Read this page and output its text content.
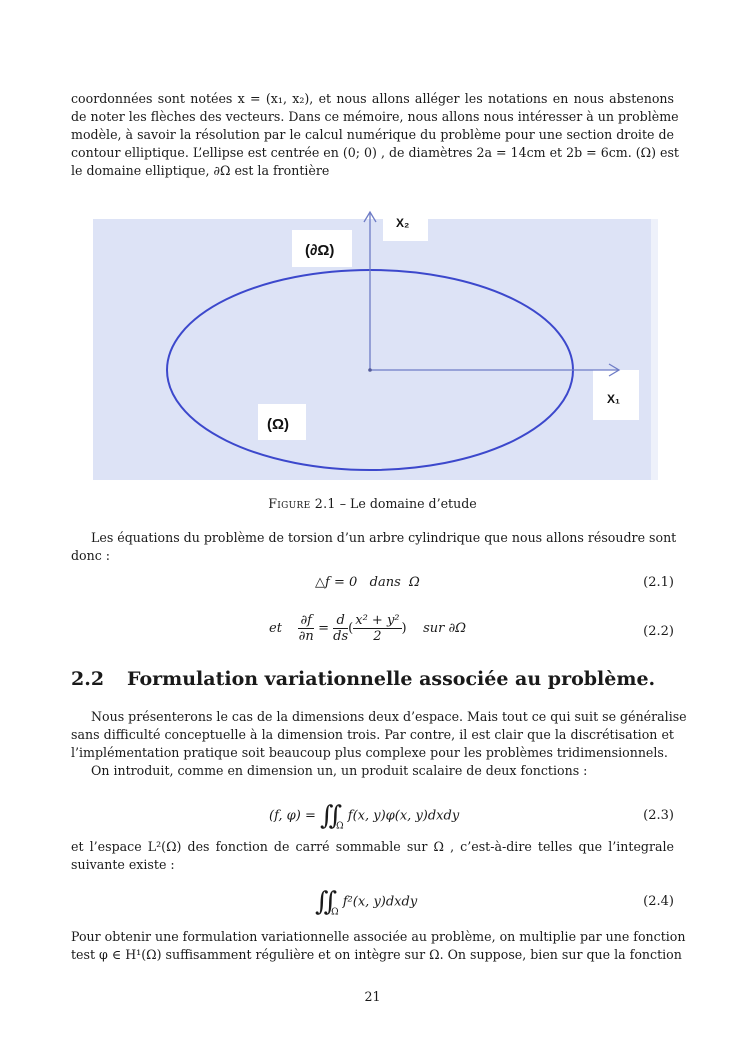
coordonnées sont notées x = (x₁, x₂), et nous allons alléger les notations en nous abstenons
de noter les flèches des vecteurs. Dans ce mémoire, nous allons nous intéresser à un problème
modèle, à savoir la résolution par le calcul numérique du problème pour une section droite de
contour elliptique. L’ellipse est centrée en (0; 0) , de diamètres 2a = 14cm et 2b = 6cm. (Ω) est
le domaine elliptique, ∂Ω est la frontière
X₂
(∂Ω)
(Ω)
X₁
Figure 2.1 – Le domaine d’etude
Les équations du problème de torsion d’un arbre cylindrique que nous allons résoudre sont
donc :
△f = 0   dans  Ω	(2.1)
et $\frac{\partial f}{\partial n} = \frac{d}{ds}$ ( $\frac{\text{x² + y²}}{2}$ ) sur ∂Ω	(2.2)
2.2 Formulation variationnelle associée au problème.
Nous présenterons le cas de la dimensions deux d’espace. Mais tout ce qui suit se généralise
sans difficulté conceptuelle à la dimension trois. Par contre, il est clair que la discrétisation et
l’implémentation pratique soit beaucoup plus complexe pour les problèmes tridimensionnels.
On introduit, comme en dimension un, un produit scalaire de deux fonctions :
(f, $\varphi) = ∬_\Omega$ f(x, y)φ(x, y)dxdy	(2.3)
et l’espace L²(Ω) des fonction de carré sommable sur Ω , c’est-à-dire telles que l’integrale
suivante existe :
$∬_\Omega$ f²(x, y)dxdy	(2.4)
Pour obtenir une formulation variationnelle associée au problème, on multiplie par une fonction
test φ ∈ H¹(Ω) suffisamment régulière et on intègre sur Ω. On suppose, bien sur que la fonction
21
